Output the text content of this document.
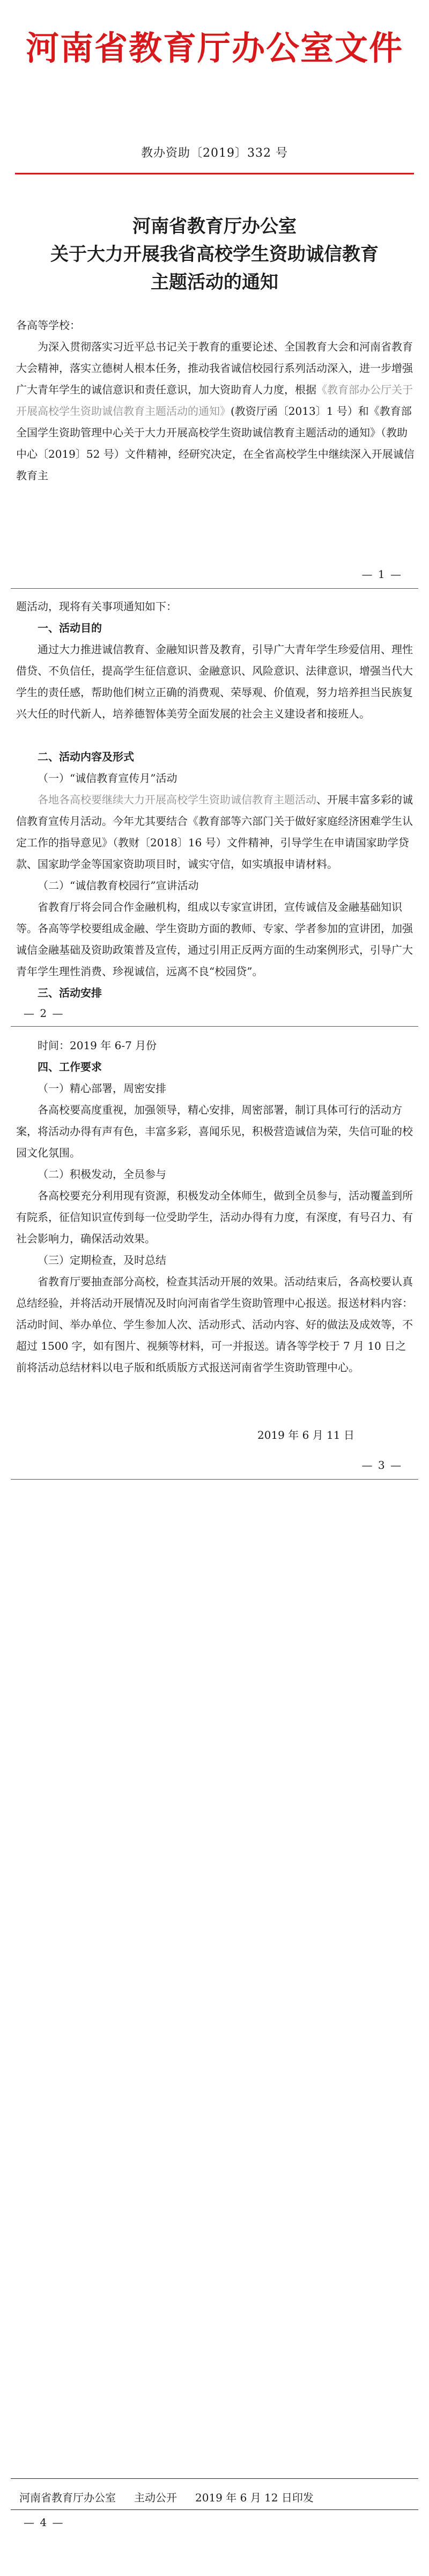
河南省教育厅办公室文件
教办资助〔2019〕332 号
河南省教育厅办公室
关于大力开展我省高校学生资助诚信教育
主题活动的通知
各高等学校：
为深入贯彻落实习近平总书记关于教育的重要论述、全国教育大会和河南省教育大会精神，落实立德树人根本任务，推动我省诚信校园行系列活动深入，进一步增强广大青年学生的诚信意识和责任意识，加大资助育人力度，根据《教育部办公厅关于开展高校学生资助诚信教育主题活动的通知》(教资厅函〔2013〕1 号）和《教育部全国学生资助管理中心关于大力开展高校学生资助诚信教育主题活动的通知》（教助中心〔2019〕52 号）文件精神，经研究决定，在全省高校学生中继续深入开展诚信教育主
— 1 —
题活动，现将有关事项通知如下：
一、活动目的
通过大力推进诚信教育、金融知识普及教育，引导广大青年学生珍爱信用、理性借贷、不负信任，提高学生征信意识、金融意识、风险意识、法律意识，增强当代大学生的责任感，帮助他们树立正确的消费观、荣辱观、价值观，努力培养担当民族复兴大任的时代新人，培养德智体美劳全面发展的社会主义建设者和接班人。
二、活动内容及形式
（一）“诚信教育宣传月”活动
各地各高校要继续大力开展高校学生资助诚信教育主题活动、开展丰富多彩的诚信教育宣传月活动。今年尤其要结合《教育部等六部门关于做好家庭经济困难学生认定工作的指导意见》（教财〔2018〕16 号）文件精神，引导学生在申请国家助学贷款、国家助学金等国家资助项目时，诚实守信，如实填报申请材料。
（二）“诚信教育校园行”宣讲活动
省教育厅将会同合作金融机构，组成以专家宣讲团，宣传诚信及金融基础知识等。各高等学校要组成金融、学生资助方面的教师、专家、学者参加的宣讲团，加强诚信金融基础及资助政策普及宣传，通过引用正反两方面的生动案例形式，引导广大青年学生理性消费、珍视诚信，远离不良“校园贷”。
三、活动安排
— 2 —
时间：2019 年 6-7 月份
四、工作要求
（一）精心部署，周密安排
各高校要高度重视，加强领导，精心安排，周密部署，制订具体可行的活动方案，将活动办得有声有色，丰富多彩，喜闻乐见，积极营造诚信为荣，失信可耻的校园文化氛围。
（二）积极发动，全员参与
各高校要充分利用现有资源，积极发动全体师生，做到全员参与，活动覆盖到所有院系，征信知识宣传到每一位受助学生，活动办得有力度，有深度，有号召力、有社会影响力，确保活动效果。
（三）定期检查，及时总结
省教育厅要抽查部分高校，检查其活动开展的效果。活动结束后，各高校要认真总结经验，并将活动开展情况及时向河南省学生资助管理中心报送。报送材料内容：活动时间、举办单位、学生参加人次、活动形式、活动内容、好的做法及成效等，不超过 1500 字，如有图片、视频等材料，可一并报送。请各等学校于 7 月 10 日之前将活动总结材料以电子版和纸质版方式报送河南省学生资助管理中心。
2019 年 6 月 11 日
— 3 —
河南省教育厅办公室 主动公开 2019 年 6 月 12 日印发
— 4 —
